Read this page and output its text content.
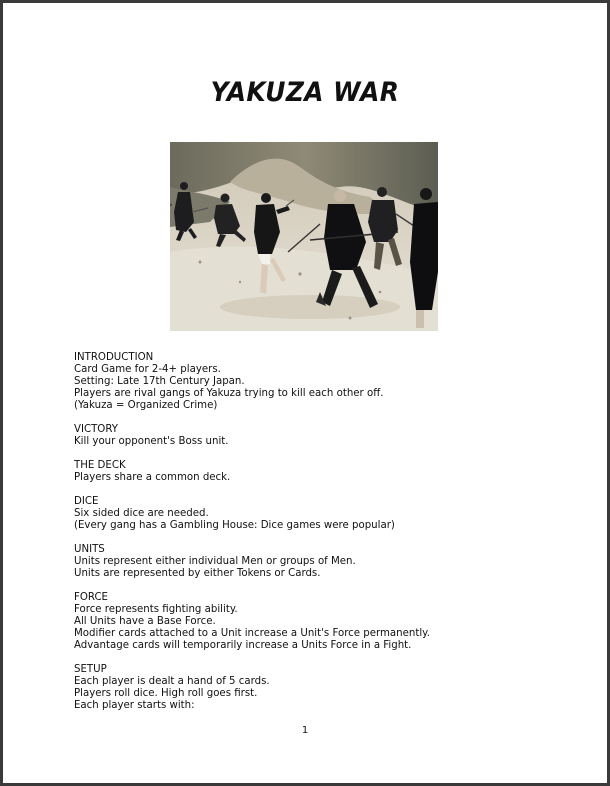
YAKUZA WAR
INTRODUCTION
Card Game for 2-4+ players.
Setting: Late 17th Century Japan.
Players are rival gangs of Yakuza trying to kill each other off.
(Yakuza = Organized Crime)
VICTORY
Kill your opponent's Boss unit.
THE DECK
Players share a common deck.
DICE
Six sided dice are needed.
(Every gang has a Gambling House: Dice games were popular)
UNITS
Units represent either individual Men or groups of Men.
Units are represented by either Tokens or Cards.
FORCE
Force represents fighting ability.
All Units have a Base Force.
Modifier cards attached to a Unit increase a Unit's Force permanently.
Advantage cards will temporarily increase a Units Force in a Fight.
SETUP
Each player is dealt a hand of 5 cards.
Players roll dice. High roll goes first.
Each player starts with:
1
